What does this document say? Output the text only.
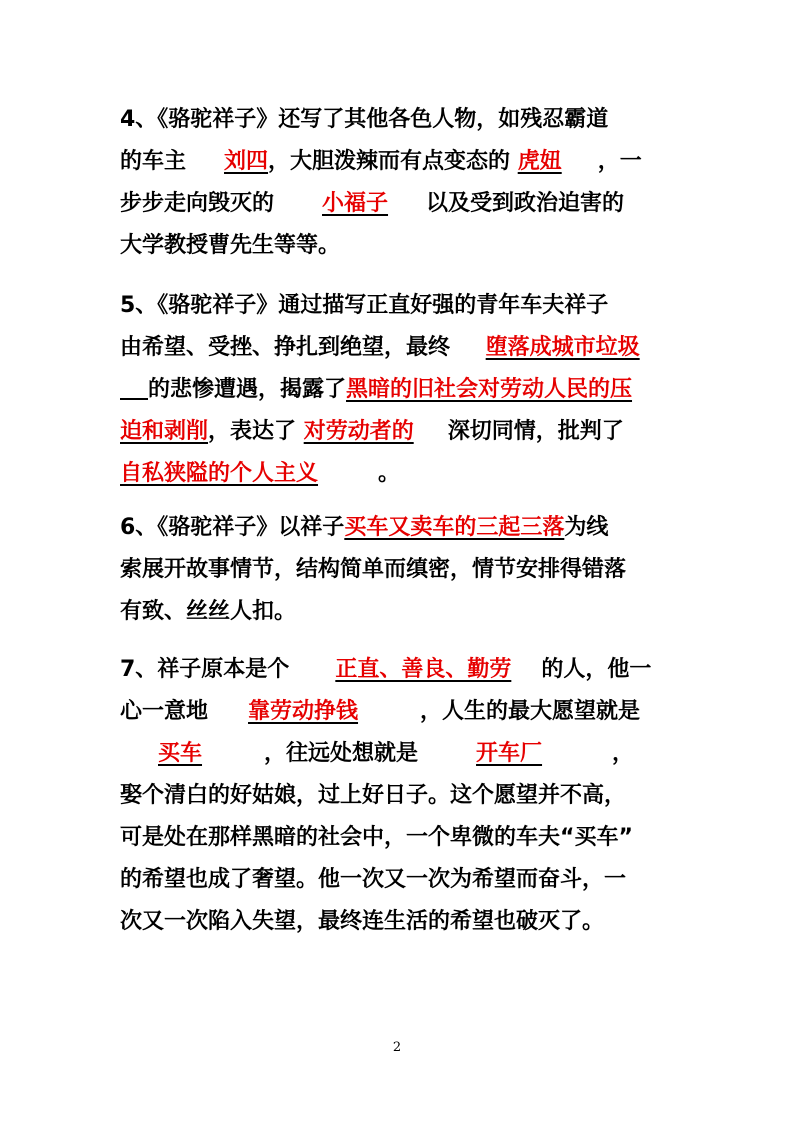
4、《骆驼祥子》还写了其他各色人物，如残忍霸道
的车主 刘四，大胆泼辣而有点变态的 虎妞 ，一
步步走向毁灭的 小福子 以及受到政治迫害的
大学教授曹先生等等。
5、《骆驼祥子》通过描写正直好强的青年车夫祥子
由希望、受挫、挣扎到绝望，最终 堕落成城市垃圾
的悲惨遭遇，揭露了黑暗的旧社会对劳动人民的压
迫和剥削，表达了 对劳动者的 深切同情，批判了
自私狭隘的个人主义	。
6、《骆驼祥子》以祥子买车又卖车的三起三落为线
索展开故事情节，结构简单而缜密，情节安排得错落
有致、丝丝人扣。
7、祥子原本是个 正直、善良、勤劳 的人，他一
心一意地 靠劳动挣钱	，人生的最大愿望就是
买车	，往远处想就是	开车厂	，
娶个清白的好姑娘，过上好日子。这个愿望并不高，
可是处在那样黑暗的社会中，一个卑微的车夫“买车”
的希望也成了奢望。他一次又一次为希望而奋斗，一
次又一次陷入失望，最终连生活的希望也破灭了。
2
